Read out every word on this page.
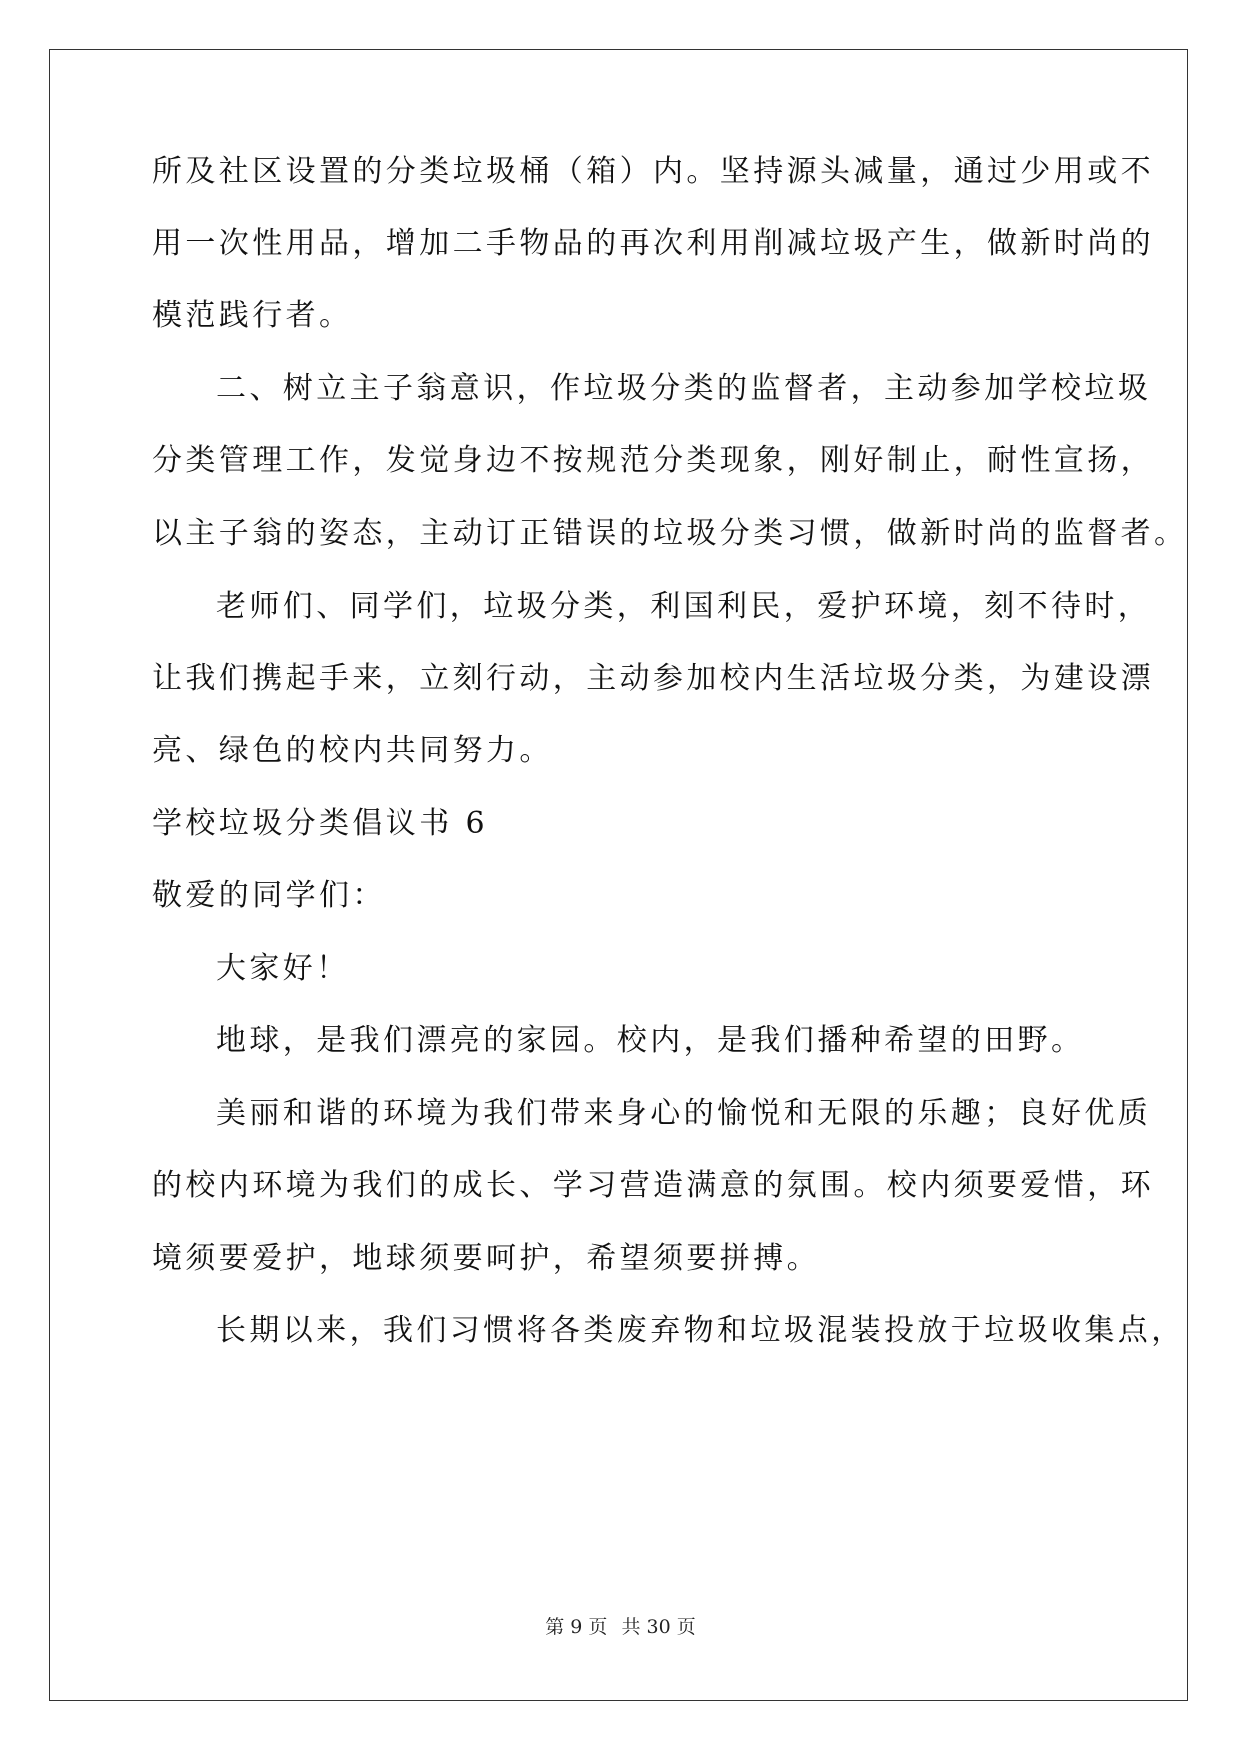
所及社区设置的分类垃圾桶（箱）内。坚持源头减量，通过少用或不

用一次性用品，增加二手物品的再次利用削减垃圾产生，做新时尚的

模范践行者。

二、树立主子翁意识，作垃圾分类的监督者，主动参加学校垃圾

分类管理工作，发觉身边不按规范分类现象，刚好制止，耐性宣扬，

以主子翁的姿态，主动订正错误的垃圾分类习惯，做新时尚的监督者。

老师们、同学们，垃圾分类，利国利民，爱护环境，刻不待时，

让我们携起手来，立刻行动，主动参加校内生活垃圾分类，为建设漂

亮、绿色的校内共同努力。

学校垃圾分类倡议书 6

敬爱的同学们：

大家好！

地球，是我们漂亮的家园。校内，是我们播种希望的田野。

美丽和谐的环境为我们带来身心的愉悦和无限的乐趣；良好优质

的校内环境为我们的成长、学习营造满意的氛围。校内须要爱惜，环

境须要爱护，地球须要呵护，希望须要拼搏。

长期以来，我们习惯将各类废弃物和垃圾混装投放于垃圾收集点，

第 9 页 共 30 页
